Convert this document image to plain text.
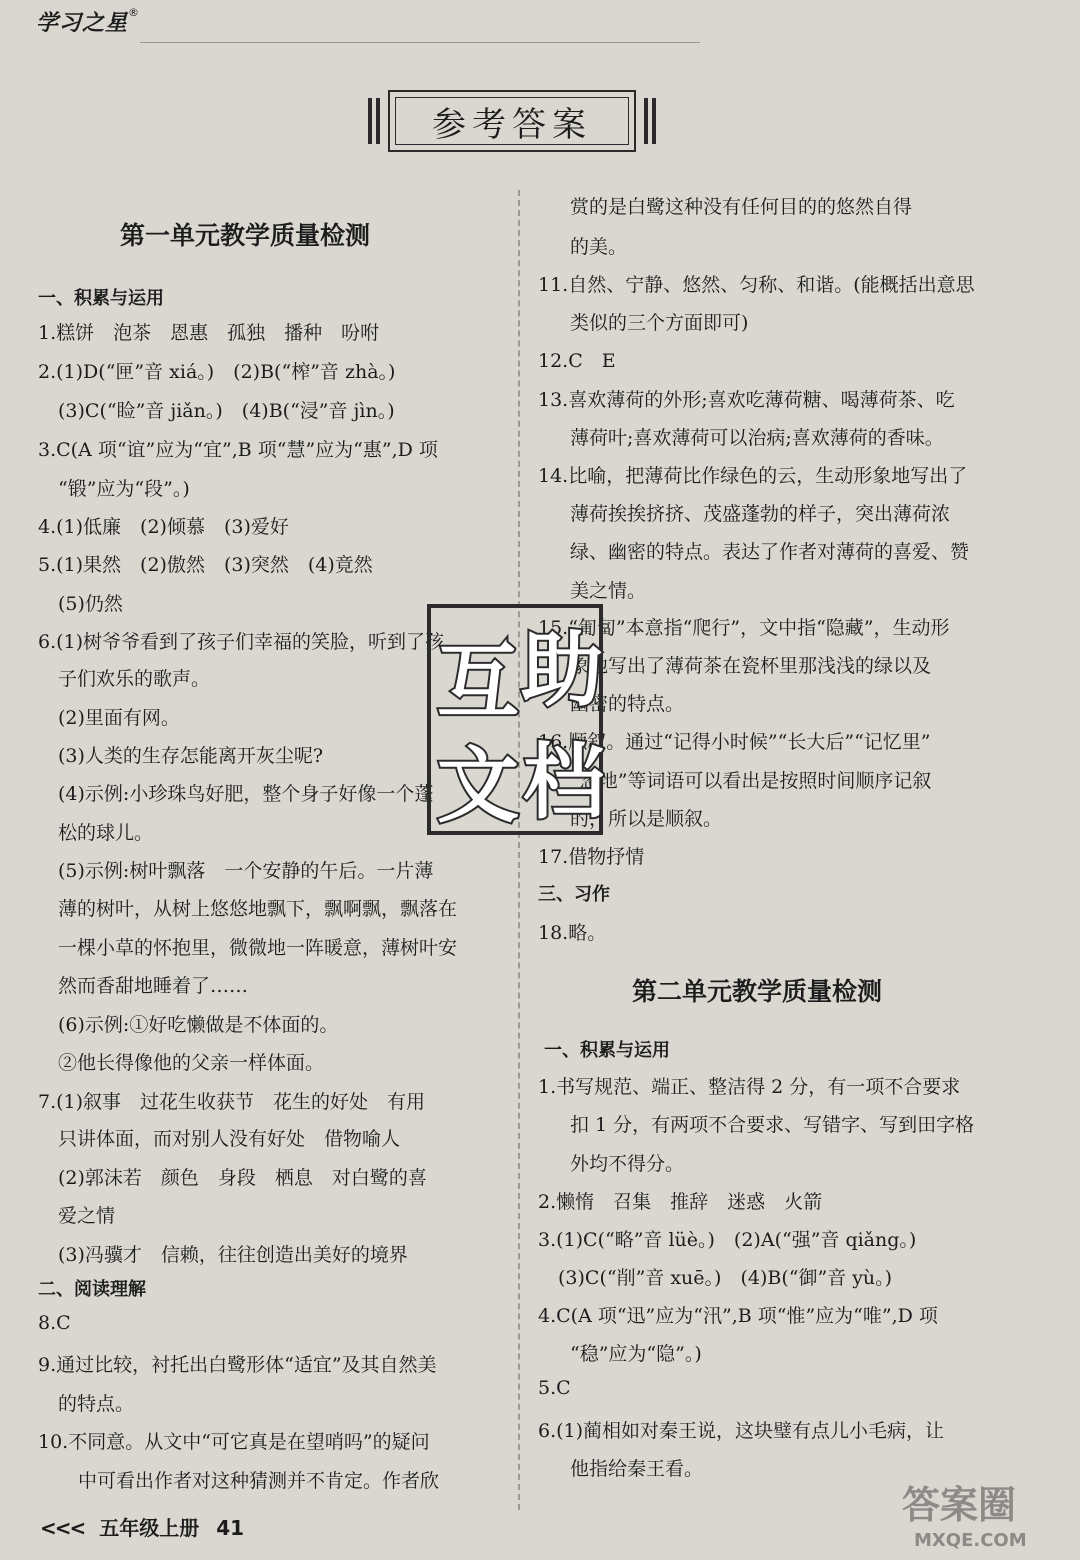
学习之星 ®
参考答案
第一单元教学质量检测
一、积累与运用
1.糕饼　泡茶　恩惠　孤独　播种　吩咐
2.(1)D(“匣”音 xiá。)　(2)B(“榨”音 zhà。)
(3)C(“睑”音 jiǎn。)　(4)B(“浸”音 jìn。)
3.C(A 项“谊”应为“宜”,B 项“慧”应为“惠”,D 项
“锻”应为“段”。)
4.(1)低廉　(2)倾慕　(3)爱好
5.(1)果然　(2)傲然　(3)突然　(4)竟然
(5)仍然
6.(1)树爷爷看到了孩子们幸福的笑脸，听到了孩
子们欢乐的歌声。
(2)里面有网。
(3)人类的生存怎能离开灰尘呢?
(4)示例:小珍珠鸟好肥，整个身子好像一个蓬
松的球儿。
(5)示例:树叶飘落　一个安静的午后。一片薄
薄的树叶，从树上悠悠地飘下，飘啊飘，飘落在
一棵小草的怀抱里，微微地一阵暖意，薄树叶安
然而香甜地睡着了……
(6)示例:①好吃懒做是不体面的。
②他长得像他的父亲一样体面。
7.(1)叙事　过花生收获节　花生的好处　有用
只讲体面，而对别人没有好处　借物喻人
(2)郭沫若　颜色　身段　栖息　对白鹭的喜
爱之情
(3)冯骥才　信赖，往往创造出美好的境界
二、阅读理解
8.C
9.通过比较，衬托出白鹭形体“适宜”及其自然美
的特点。
10.不同意。从文中“可它真是在望哨吗”的疑问
中可看出作者对这种猜测并不肯定。作者欣
赏的是白鹭这种没有任何目的的悠然自得
的美。
11.自然、宁静、悠然、匀称、和谐。(能概括出意思
类似的三个方面即可)
12.C　E
13.喜欢薄荷的外形;喜欢吃薄荷糖、喝薄荷茶、吃
薄荷叶;喜欢薄荷可以治病;喜欢薄荷的香味。
14.比喻，把薄荷比作绿色的云，生动形象地写出了
薄荷挨挨挤挤、茂盛蓬勃的样子，突出薄荷浓
绿、幽密的特点。表达了作者对薄荷的喜爱、赞
美之情。
15.“匍匐”本意指“爬行”，文中指“隐藏”，生动形
象地写出了薄荷茶在瓷杯里那浅浅的绿以及
幽密的特点。
16.顺叙。通过“记得小时候”“长大后”“记忆里”
“忽地”等词语可以看出是按照时间顺序记叙
的，所以是顺叙。
17.借物抒情
三、习作
18.略。
第二单元教学质量检测
一、积累与运用
1.书写规范、端正、整洁得 2 分，有一项不合要求
扣 1 分，有两项不合要求、写错字、写到田字格
外均不得分。
2.懒惰　召集　推辞　迷惑　火箭
3.(1)C(“略”音 lüè。)　(2)A(“强”音 qiǎng。)
(3)C(“削”音 xuē。)　(4)B(“御”音 yù。)
4.C(A 项“迅”应为“汛”,B 项“惟”应为“唯”,D 项
“稳”应为“隐”。)
5.C
6.(1)蔺相如对秦王说，这块璧有点儿小毛病，让
他指给秦王看。
互 助
文 档
<<< 五年级上册 41
答案圈
MXQE.COM
